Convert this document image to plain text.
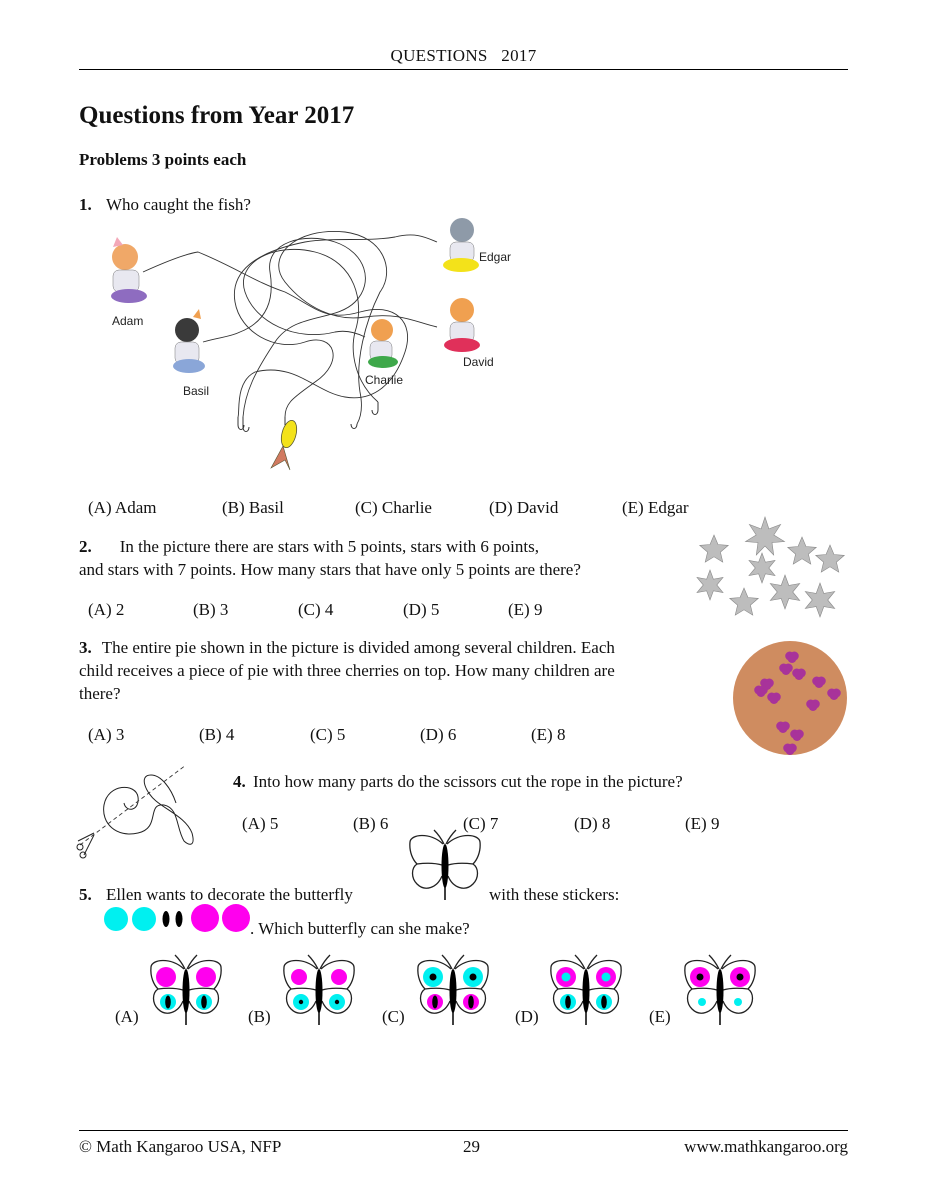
QUESTIONS   2017
Questions from Year 2017
Problems 3 points each
1. Who caught the fish?
Adam
Basil
Charlie
David
Edgar
(A) Adam	(B) Basil	(C) Charlie	(D) David	(E) Edgar
2. In the picture there are stars with 5 points, stars with 6 points,
and stars with 7 points. How many stars that have only 5 points are there?
(A) 2	(B) 3	(C) 4	(D) 5	(E) 9
3. The entire pie shown in the picture is divided among several children. Each
child receives a piece of pie with three cherries on top. How many children are
there?
(A) 3	(B) 4	(C) 5	(D) 6	(E) 8
4. Into how many parts do the scissors cut the rope in the picture?
(A) 5	(B) 6	(C) 7	(D) 8	(E) 9
5. Ellen wants to decorate the butterfly	with these stickers:
. Which butterfly can she make?
(A)	(B)	(C)	(D)	(E)
© Math Kangaroo USA, NFP	29	www.mathkangaroo.org
